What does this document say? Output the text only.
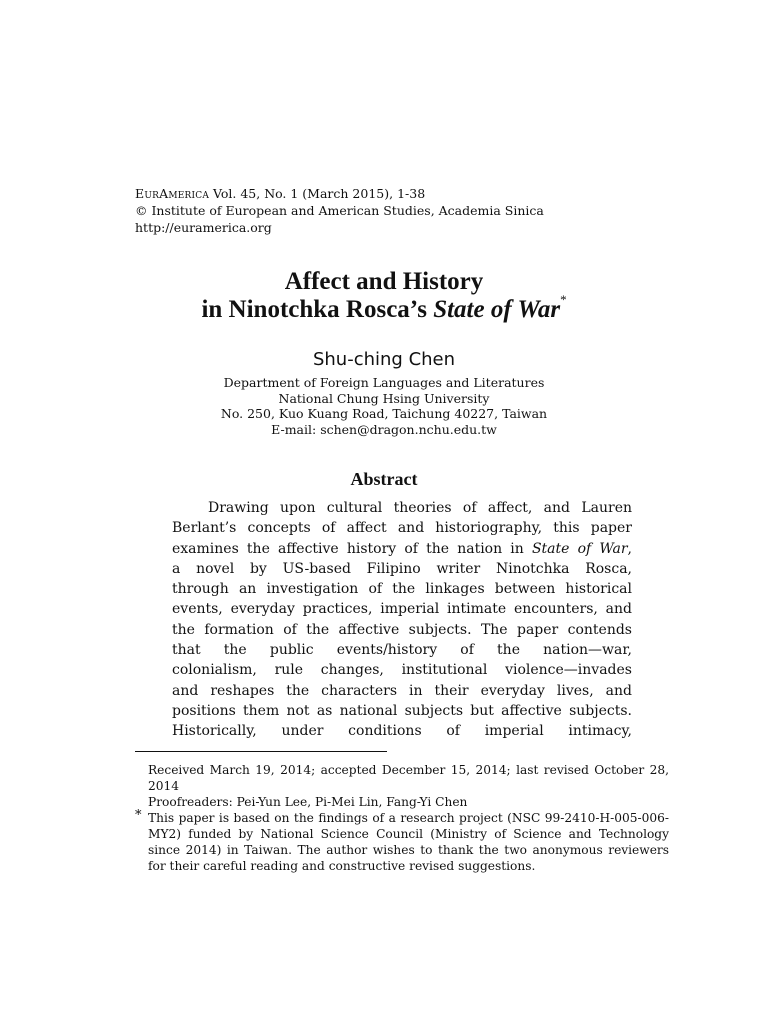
EurAmerica Vol. 45, No. 1 (March 2015), 1-38
© Institute of European and American Studies, Academia Sinica
http://euramerica.org
Affect and History
in Ninotchka Rosca’s State of War*
Shu-ching Chen
Department of Foreign Languages and Literatures
National Chung Hsing University
No. 250, Kuo Kuang Road, Taichung 40227, Taiwan
E-mail: schen@dragon.nchu.edu.tw
Abstract
Drawing upon cultural theories of affect, and Lauren
Berlant’s concepts of affect and historiography, this paper
examines the affective history of the nation in State of War,
a novel by US-based Filipino writer Ninotchka Rosca,
through an investigation of the linkages between historical
events, everyday practices, imperial intimate encounters, and
the formation of the affective subjects. The paper contends
that the public events/history of the nation—war,
colonialism, rule changes, institutional violence—invades
and reshapes the characters in their everyday lives, and
positions them not as national subjects but affective subjects.
Historically, under conditions of imperial intimacy,
*

Received March 19, 2014; accepted December 15, 2014; last revised October 28, 2014

Proofreaders: Pei-Yun Lee, Pi-Mei Lin, Fang-Yi Chen

This paper is based on the findings of a research project (NSC 99-2410-H-005-006-MY2) funded by National Science Council (Ministry of Science and Technology since 2014) in Taiwan. The author wishes to thank the two anonymous reviewers for their careful reading and constructive revised suggestions.
